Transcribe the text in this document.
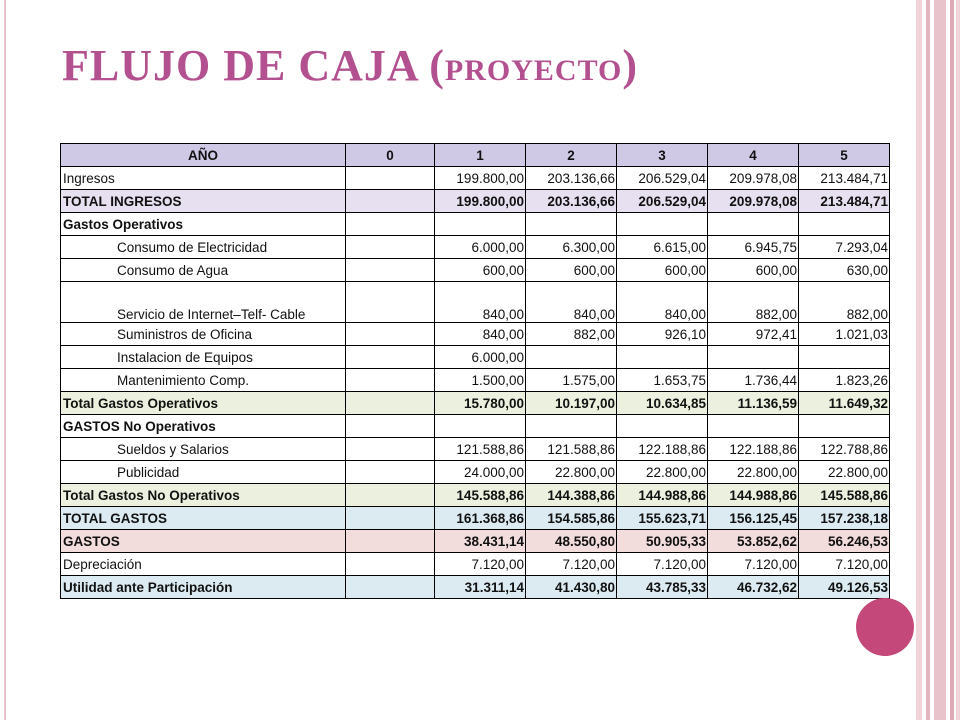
FLUJO DE CAJA (PROYECTO)
AÑO	0	1	2	3	4	5
Ingresos		199.800,00	203.136,66	206.529,04	209.978,08	213.484,71
TOTAL INGRESOS		199.800,00	203.136,66	206.529,04	209.978,08	213.484,71
Gastos Operativos						
Consumo de Electricidad		6.000,00	6.300,00	6.615,00	6.945,75	7.293,04
Consumo de Agua		600,00	600,00	600,00	600,00	630,00
Servicio de Internet–Telf- Cable		840,00	840,00	840,00	882,00	882,00
Suministros de Oficina		840,00	882,00	926,10	972,41	1.021,03
Instalacion de Equipos		6.000,00				
Mantenimiento Comp.		1.500,00	1.575,00	1.653,75	1.736,44	1.823,26
Total Gastos Operativos		15.780,00	10.197,00	10.634,85	11.136,59	11.649,32
GASTOS No Operativos						
Sueldos y Salarios		121.588,86	121.588,86	122.188,86	122.188,86	122.788,86
Publicidad		24.000,00	22.800,00	22.800,00	22.800,00	22.800,00
Total Gastos No Operativos		145.588,86	144.388,86	144.988,86	144.988,86	145.588,86
TOTAL GASTOS		161.368,86	154.585,86	155.623,71	156.125,45	157.238,18
GASTOS		38.431,14	48.550,80	50.905,33	53.852,62	56.246,53
Depreciación		7.120,00	7.120,00	7.120,00	7.120,00	7.120,00
Utilidad ante Participación		31.311,14	41.430,80	43.785,33	46.732,62	49.126,53
